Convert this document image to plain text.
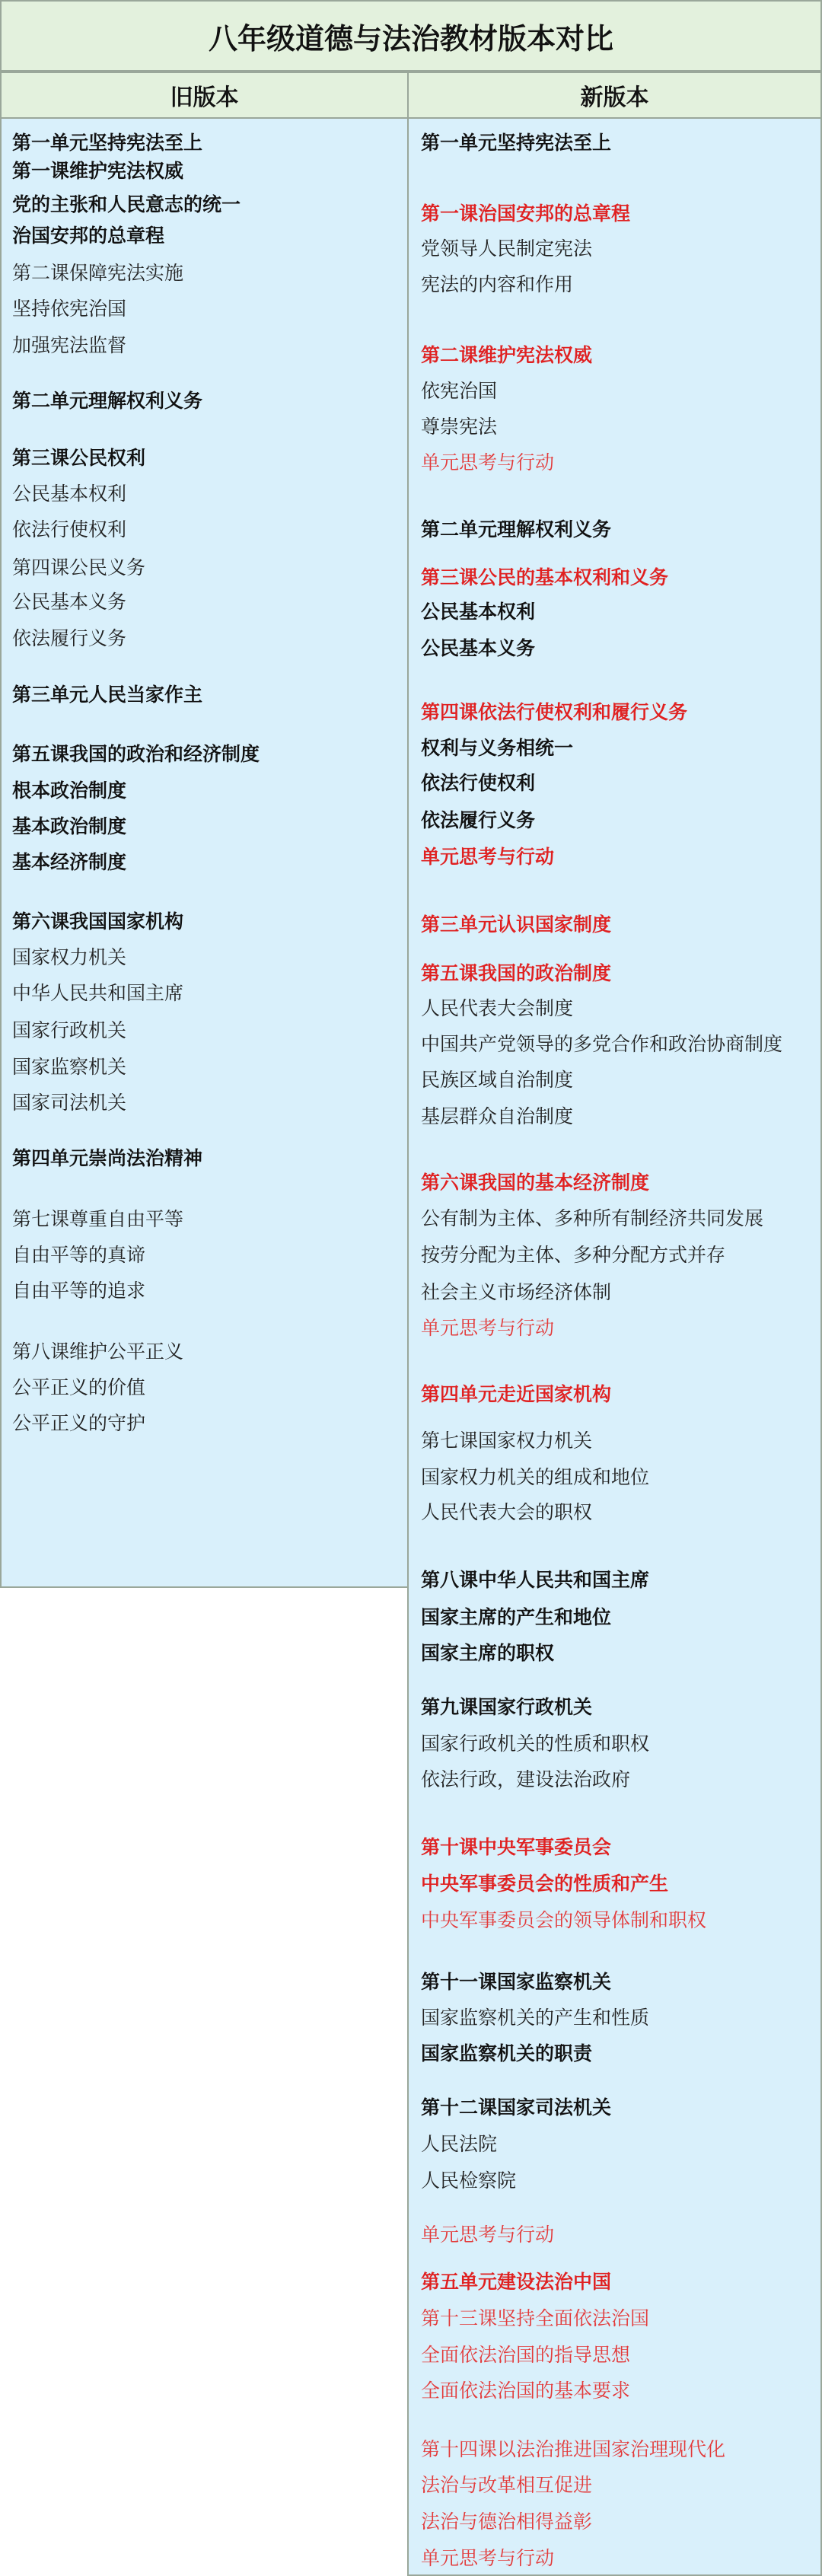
八年级道德与法治教材版本对比
旧版本	新版本
第一单元坚持宪法至上
第一课维护宪法权威
党的主张和人民意志的统一
治国安邦的总章程
第二课保障宪法实施
坚持依宪治国
加强宪法监督
第二单元理解权利义务
第三课公民权利
公民基本权利
依法行使权利
第四课公民义务
公民基本义务
依法履行义务
第三单元人民当家作主
第五课我国的政治和经济制度
根本政治制度
基本政治制度
基本经济制度
第六课我国国家机构
国家权力机关
中华人民共和国主席
国家行政机关
国家监察机关
国家司法机关
第四单元崇尚法治精神
第七课尊重自由平等
自由平等的真谛
自由平等的追求
第八课维护公平正义
公平正义的价值
公平正义的守护
第一单元坚持宪法至上
第一课治国安邦的总章程
党领导人民制定宪法
宪法的内容和作用
第二课维护宪法权威
依宪治国
尊崇宪法
单元思考与行动
第二单元理解权利义务
第三课公民的基本权利和义务
公民基本权利
公民基本义务
第四课依法行使权利和履行义务
权利与义务相统一
依法行使权利
依法履行义务
单元思考与行动
第三单元认识国家制度
第五课我国的政治制度
人民代表大会制度
中国共产党领导的多党合作和政治协商制度
民族区域自治制度
基层群众自治制度
第六课我国的基本经济制度
公有制为主体、多种所有制经济共同发展
按劳分配为主体、多种分配方式并存
社会主义市场经济体制
单元思考与行动
第四单元走近国家机构
第七课国家权力机关
国家权力机关的组成和地位
人民代表大会的职权
第八课中华人民共和国主席
国家主席的产生和地位
国家主席的职权
第九课国家行政机关
国家行政机关的性质和职权
依法行政，建设法治政府
第十课中央军事委员会
中央军事委员会的性质和产生
中央军事委员会的领导体制和职权
第十一课国家监察机关
国家监察机关的产生和性质
国家监察机关的职责
第十二课国家司法机关
人民法院
人民检察院
单元思考与行动
第五单元建设法治中国
第十三课坚持全面依法治国
全面依法治国的指导思想
全面依法治国的基本要求
第十四课以法治推进国家治理现代化
法治与改革相互促进
法治与德治相得益彰
单元思考与行动
